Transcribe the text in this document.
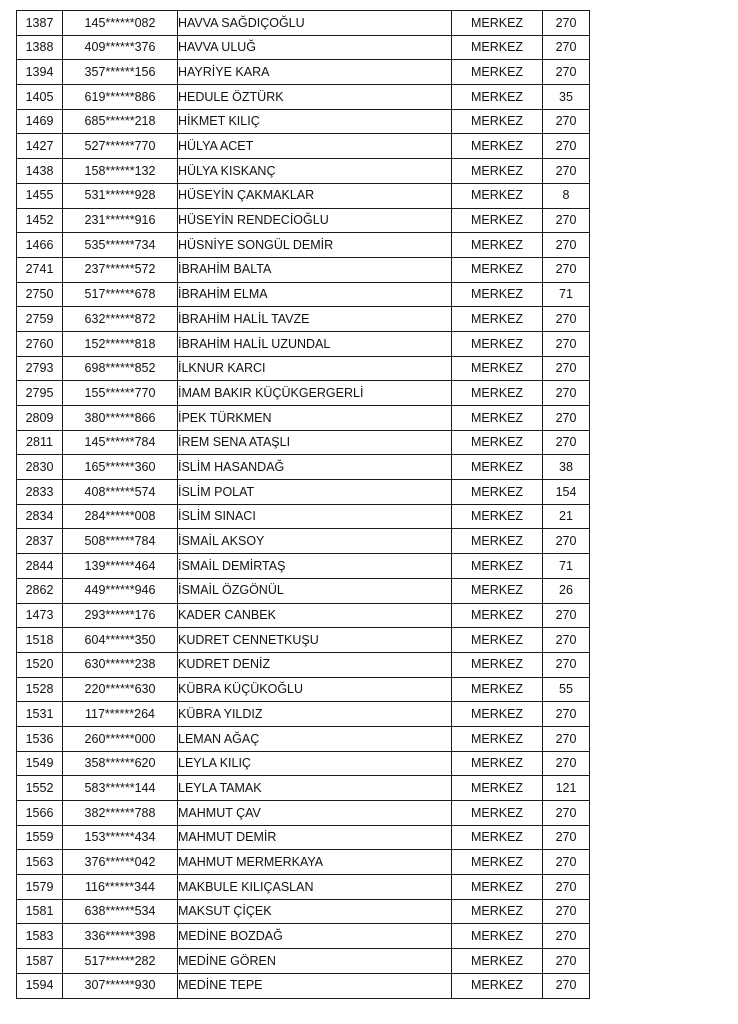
1387	145******082	HAVVA SAĞDIÇOĞLU	MERKEZ	270
1388	409******376	HAVVA ULUĞ	MERKEZ	270
1394	357******156	HAYRİYE KARA	MERKEZ	270
1405	619******886	HEDULE ÖZTÜRK	MERKEZ	35
1469	685******218	HİKMET KILIÇ	MERKEZ	270
1427	527******770	HÜLYA ACET	MERKEZ	270
1438	158******132	HÜLYA KISKANÇ	MERKEZ	270
1455	531******928	HÜSEYİN ÇAKMAKLAR	MERKEZ	8
1452	231******916	HÜSEYİN RENDECİOĞLU	MERKEZ	270
1466	535******734	HÜSNİYE SONGÜL DEMİR	MERKEZ	270
2741	237******572	İBRAHİM BALTA	MERKEZ	270
2750	517******678	İBRAHİM ELMA	MERKEZ	71
2759	632******872	İBRAHİM HALİL TAVZE	MERKEZ	270
2760	152******818	İBRAHİM HALİL UZUNDAL	MERKEZ	270
2793	698******852	İLKNUR KARCI	MERKEZ	270
2795	155******770	İMAM BAKIR KÜÇÜKGERGERLİ	MERKEZ	270
2809	380******866	İPEK TÜRKMEN	MERKEZ	270
2811	145******784	İREM SENA ATAŞLI	MERKEZ	270
2830	165******360	İSLİM HASANDAĞ	MERKEZ	38
2833	408******574	İSLİM POLAT	MERKEZ	154
2834	284******008	İSLİM SINACI	MERKEZ	21
2837	508******784	İSMAİL AKSOY	MERKEZ	270
2844	139******464	İSMAİL DEMİRTAŞ	MERKEZ	71
2862	449******946	İSMAİL ÖZGÖNÜL	MERKEZ	26
1473	293******176	KADER CANBEK	MERKEZ	270
1518	604******350	KUDRET CENNETKUŞU	MERKEZ	270
1520	630******238	KUDRET DENİZ	MERKEZ	270
1528	220******630	KÜBRA KÜÇÜKOĞLU	MERKEZ	55
1531	117******264	KÜBRA YILDIZ	MERKEZ	270
1536	260******000	LEMAN AĞAÇ	MERKEZ	270
1549	358******620	LEYLA KILIÇ	MERKEZ	270
1552	583******144	LEYLA TAMAK	MERKEZ	121
1566	382******788	MAHMUT ÇAV	MERKEZ	270
1559	153******434	MAHMUT DEMİR	MERKEZ	270
1563	376******042	MAHMUT MERMERKAYA	MERKEZ	270
1579	116******344	MAKBULE KILIÇASLAN	MERKEZ	270
1581	638******534	MAKSUT ÇİÇEK	MERKEZ	270
1583	336******398	MEDİNE BOZDAĞ	MERKEZ	270
1587	517******282	MEDİNE GÖREN	MERKEZ	270
1594	307******930	MEDİNE TEPE	MERKEZ	270
